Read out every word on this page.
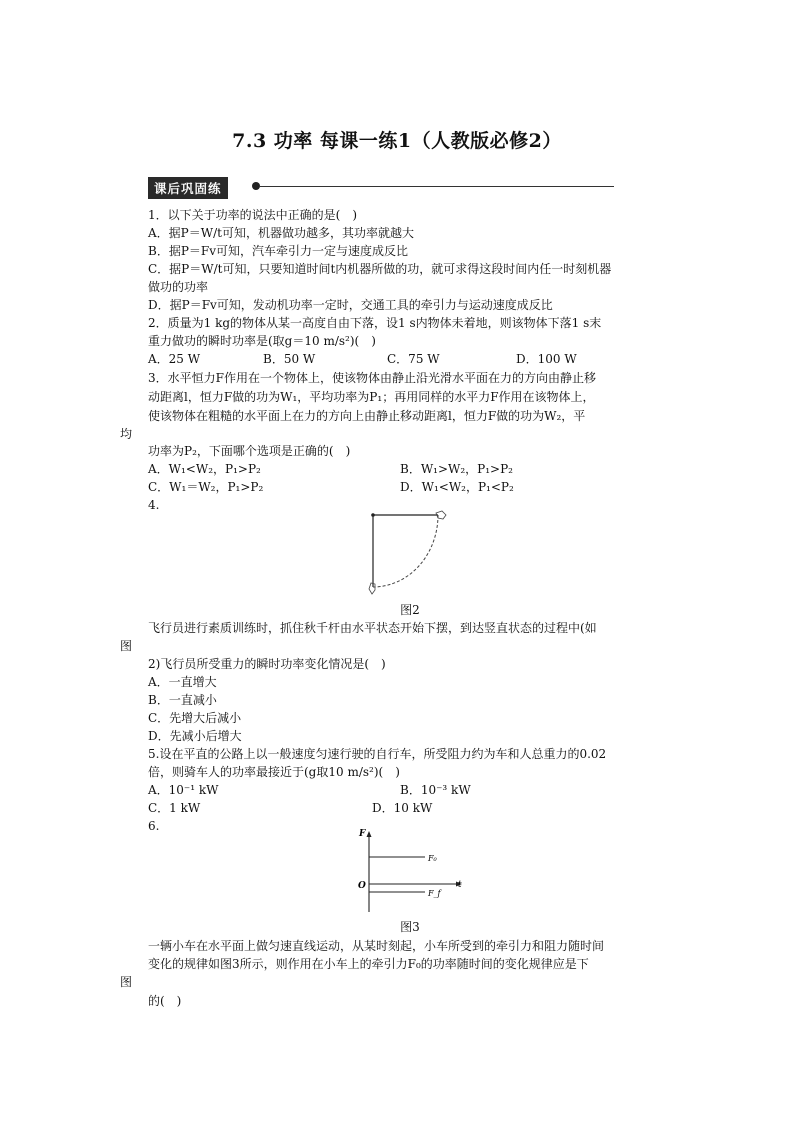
7.3 功率 每课一练1（人教版必修2）
课后巩固练
1．以下关于功率的说法中正确的是(　)
A．据P＝W/t可知，机器做功越多，其功率就越大
B．据P＝Fv可知，汽车牵引力一定与速度成反比
C．据P＝W/t可知，只要知道时间t内机器所做的功，就可求得这段时间内任一时刻机器
做功的功率
D．据P＝Fv可知，发动机功率一定时，交通工具的牵引力与运动速度成反比
2．质量为1 kg的物体从某一高度自由下落，设1 s内物体未着地，则该物体下落1 s末
重力做功的瞬时功率是(取g＝10 m/s²)(　)
A．25 W	B．50 W	C．75 W	D．100 W
3．水平恒力F作用在一个物体上，使该物体由静止沿光滑水平面在力的方向由静止移
动距离l，恒力F做的功为W₁，平均功率为P₁；再用同样的水平力F作用在该物体上，
使该物体在粗糙的水平面上在力的方向上由静止移动距离l，恒力F做的功为W₂，平
均
功率为P₂，下面哪个选项是正确的(　)
A．W₁<W₂，P₁>P₂	B．W₁>W₂，P₁>P₂
C．W₁＝W₂，P₁>P₂	D．W₁<W₂，P₁<P₂
4.
图2
飞行员进行素质训练时，抓住秋千杆由水平状态开始下摆，到达竖直状态的过程中(如
图
2)飞行员所受重力的瞬时功率变化情况是(　)
A．一直增大
B．一直减小
C．先增大后减小
D．先减小后增大
5.设在平直的公路上以一般速度匀速行驶的自行车，所受阻力约为车和人总重力的0.02
倍，则骑车人的功率最接近于(g取10 m/s²)(　)
A．10⁻¹ kW	B．10⁻³ kW
C．1 kW	D．10 kW
6.
F
t
O
F₀
F_f
图3
一辆小车在水平面上做匀速直线运动，从某时刻起，小车所受到的牵引力和阻力随时间
变化的规律如图3所示，则作用在小车上的牵引力F₀的功率随时间的变化规律应是下
图
的(　)
